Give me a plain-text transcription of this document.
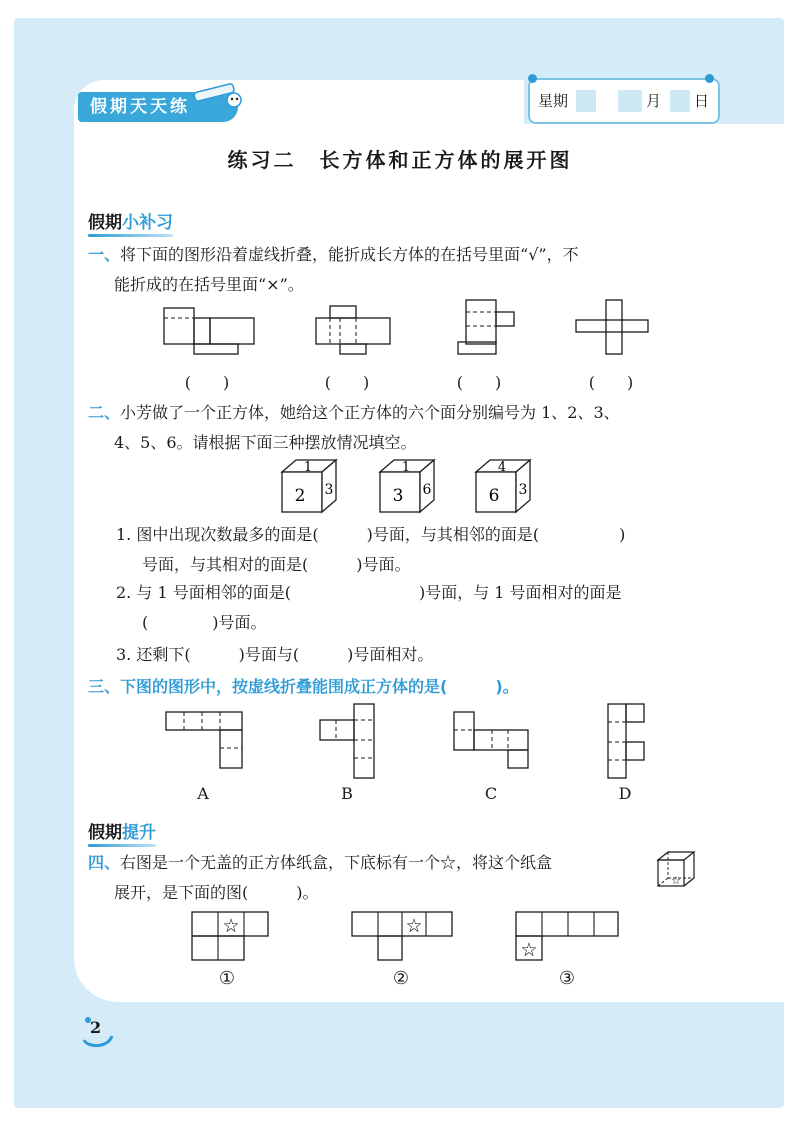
假期天天练	星期	月 日
练习二　长方体和正方体的展开图
假期小补习
一、将下面的图形沿着虚线折叠，能折成长方体的在括号里面“√”，不
能折成的在括号里面“×”。
(　　)	(　　)	(　　)	(　　)
二、小芳做了一个正方体，她给这个正方体的六个面分别编号为 1、2、3、
4、5、6。请根据下面三种摆放情况填空。
1
2 3
1
3 6
4
6 3
1. 图中出现次数最多的面是(　　　)号面，与其相邻的面是(　　　　　)
号面，与其相对的面是(　　　)号面。
2. 与 1 号面相邻的面是(　　　　　　　　)号面，与 1 号面相对的面是
(　　　　)号面。
3. 还剩下(　　　)号面与(　　　)号面相对。
三、下图的图形中，按虚线折叠能围成正方体的是(　　　)。
A	B	C	D
假期提升
四、右图是一个无盖的正方体纸盒，下底标有一个☆，将这个纸盒
展开，是下面的图(　　　)。
☆
☆	☆
☆
①	②	③
2
